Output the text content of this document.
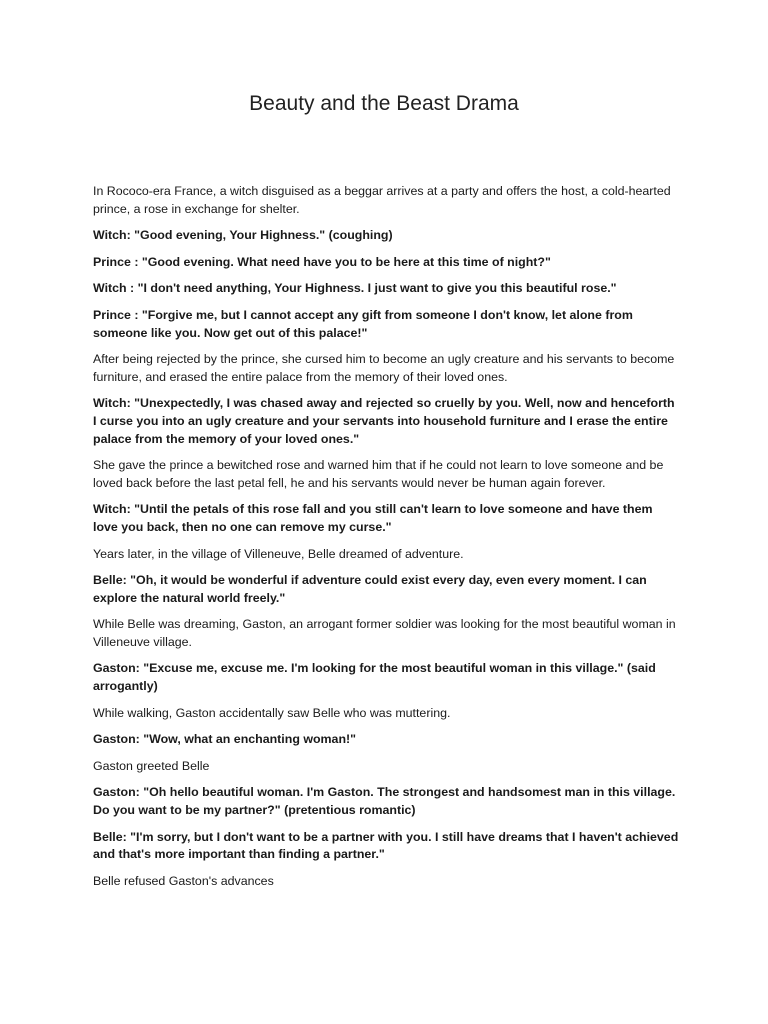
Beauty and the Beast Drama

In Rococo-era France, a witch disguised as a beggar arrives at a party and offers the host, a cold-hearted prince, a rose in exchange for shelter.

Witch: "Good evening, Your Highness." (coughing)

Prince : "Good evening. What need have you to be here at this time of night?"

Witch : "I don't need anything, Your Highness. I just want to give you this beautiful rose."

Prince : "Forgive me, but I cannot accept any gift from someone I don't know, let alone from someone like you. Now get out of this palace!"

After being rejected by the prince, she cursed him to become an ugly creature and his servants to become furniture, and erased the entire palace from the memory of their loved ones.

Witch: "Unexpectedly, I was chased away and rejected so cruelly by you. Well, now and henceforth I curse you into an ugly creature and your servants into household furniture and I erase the entire palace from the memory of your loved ones."

She gave the prince a bewitched rose and warned him that if he could not learn to love someone and be loved back before the last petal fell, he and his servants would never be human again forever.

Witch: "Until the petals of this rose fall and you still can't learn to love someone and have them love you back, then no one can remove my curse."

Years later, in the village of Villeneuve, Belle dreamed of adventure.

Belle: "Oh, it would be wonderful if adventure could exist every day, even every moment. I can explore the natural world freely."

While Belle was dreaming, Gaston, an arrogant former soldier was looking for the most beautiful woman in Villeneuve village.

Gaston: "Excuse me, excuse me. I'm looking for the most beautiful woman in this village." (said arrogantly)

While walking, Gaston accidentally saw Belle who was muttering.

Gaston: "Wow, what an enchanting woman!"

Gaston greeted Belle

Gaston: "Oh hello beautiful woman. I'm Gaston. The strongest and handsomest man in this village. Do you want to be my partner?" (pretentious romantic)

Belle: "I'm sorry, but I don't want to be a partner with you. I still have dreams that I haven't achieved and that's more important than finding a partner."

Belle refused Gaston's advances
